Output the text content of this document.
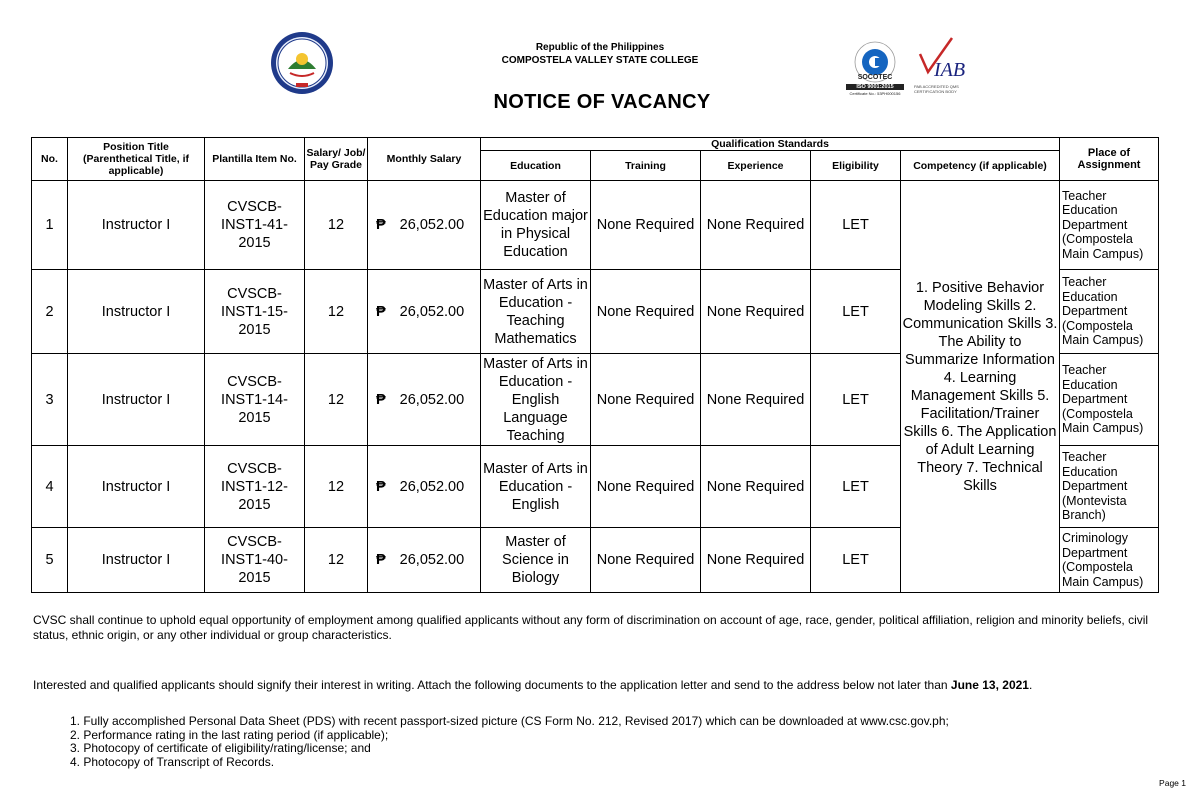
Republic of the Philippines
COMPOSTELA VALLEY STATE COLLEGE
NOTICE OF VACANCY
SOCOTEC
ISO 9001:2015
Certificate No.: 53PH000156
IAB
PAB ACCREDITED QMS CERTIFICATION BODY
No.	Position Title (Parenthetical Title, if applicable)	Plantilla Item No.	Salary/ Job/ Pay Grade	Monthly Salary	Qualification Standards					Place of Assignment
					Education	Training	Experience	Eligibility	Competency (if applicable)	
1	Instructor I	CVSCB-INST1-41-2015	12	₱ 26,052.00	Master of Education major in Physical Education	None Required	None Required	LET	1. Positive Behavior Modeling Skills 2. Communication Skills 3. The Ability to Summarize Information 4. Learning Management Skills 5. Facilitation/Trainer Skills 6. The Application of Adult Learning Theory 7. Technical Skills	Teacher Education Department (Compostela Main Campus)
2	Instructor I	CVSCB-INST1-15-2015	12	₱ 26,052.00	Master of Arts in Education - Teaching Mathematics	None Required	None Required	LET		Teacher Education Department (Compostela Main Campus)
3	Instructor I	CVSCB-INST1-14-2015	12	₱ 26,052.00	Master of Arts in Education - English Language Teaching	None Required	None Required	LET		Teacher Education Department (Compostela Main Campus)
4	Instructor I	CVSCB-INST1-12-2015	12	₱ 26,052.00	Master of Arts in Education - English	None Required	None Required	LET		Teacher Education Department (Montevista Branch)
5	Instructor I	CVSCB-INST1-40-2015	12	₱ 26,052.00	Master of Science in Biology	None Required	None Required	LET		Criminology Department (Compostela Main Campus)
CVSC shall continue to uphold equal opportunity of employment among qualified applicants without any form of discrimination on account of age, race, gender, political affiliation, religion and minority beliefs, civil status, ethnic origin, or any other individual or group characteristics.
Interested and qualified applicants should signify their interest in writing. Attach the following documents to the application letter and send to the address below not later than June 13, 2021.
1. Fully accomplished Personal Data Sheet (PDS) with recent passport-sized picture (CS Form No. 212, Revised 2017) which can be downloaded at www.csc.gov.ph;
2. Performance rating in the last rating period (if applicable);
3. Photocopy of certificate of eligibility/rating/license; and
4. Photocopy of Transcript of Records.
Page 1
